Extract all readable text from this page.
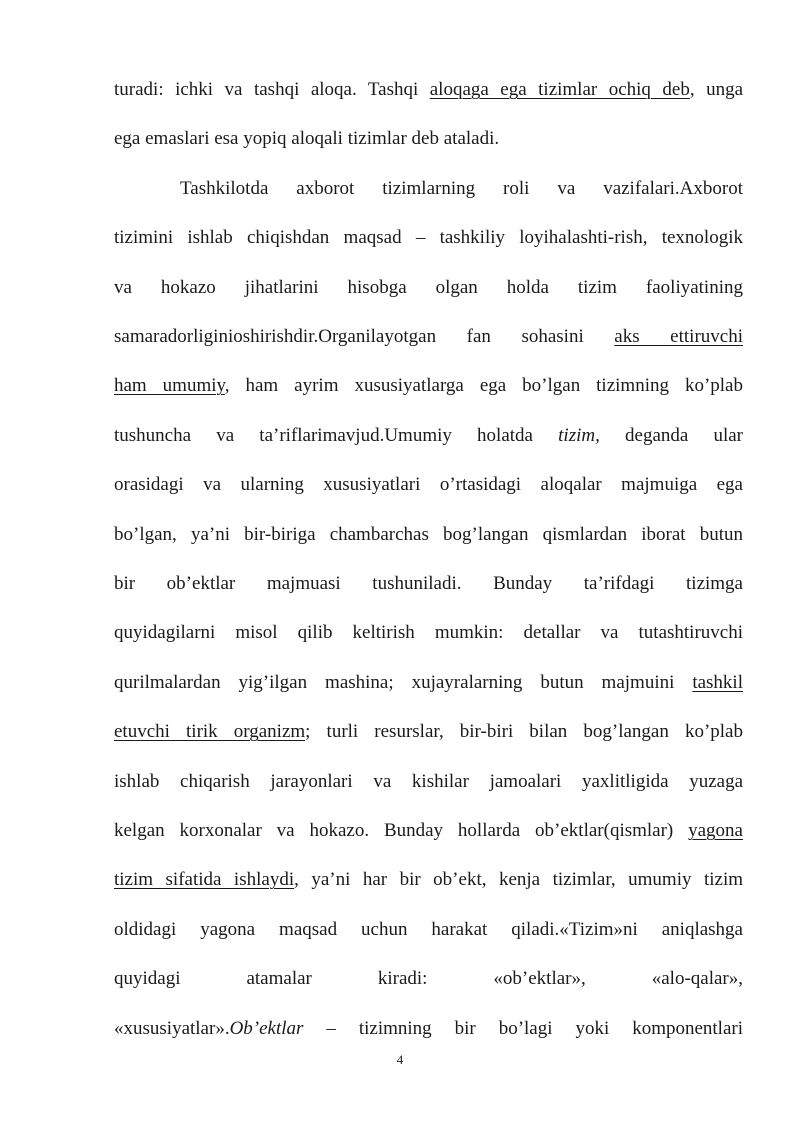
turadi: ichki va tashqi aloqa. Tashqi aloqaga ega tizimlar ochiq deb, unga
ega emaslari esa yopiq aloqali tizimlar deb ataladi.
Tashkilotda axborot tizimlarning roli va vazifalari.Axborot
tizimini ishlab chiqishdan maqsad – tashkiliy loyihalashti-rish, texnologik
va hokazo jihatlarini hisobga olgan holda tizim faoliyatining
samaradorliginioshirishdir.Organilayotgan fan sohasini aks ettiruvchi
ham umumiy, ham ayrim xususiyatlarga ega bo’lgan tizimning ko’plab
tushuncha va ta’riflarimavjud.Umumiy holatda tizim, deganda ular
orasidagi va ularning xususiyatlari o’rtasidagi aloqalar majmuiga ega
bo’lgan, ya’ni bir-biriga chambarchas bog’langan qismlardan iborat butun
bir ob’ektlar majmuasi tushuniladi. Bunday ta’rifdagi tizimga
quyidagilarni misol qilib keltirish mumkin: detallar va tutashtiruvchi
qurilmalardan yig’ilgan mashina; xujayralarning butun majmuini tashkil
etuvchi tirik organizm; turli resurslar, bir-biri bilan bog’langan ko’plab
ishlab chiqarish jarayonlari va kishilar jamoalari yaxlitligida yuzaga
kelgan korxonalar va hokazo. Bunday hollarda ob’ektlar(qismlar) yagona
tizim sifatida ishlaydi, ya’ni har bir ob’ekt, kenja tizimlar, umumiy tizim
oldidagi yagona maqsad uchun harakat qiladi.«Tizim»ni aniqlashga
quyidagi atamalar kiradi: «ob’ektlar», «alo-qalar»,
«xususiyatlar».Ob’ektlar – tizimning bir bo’lagi yoki komponentlari
4
